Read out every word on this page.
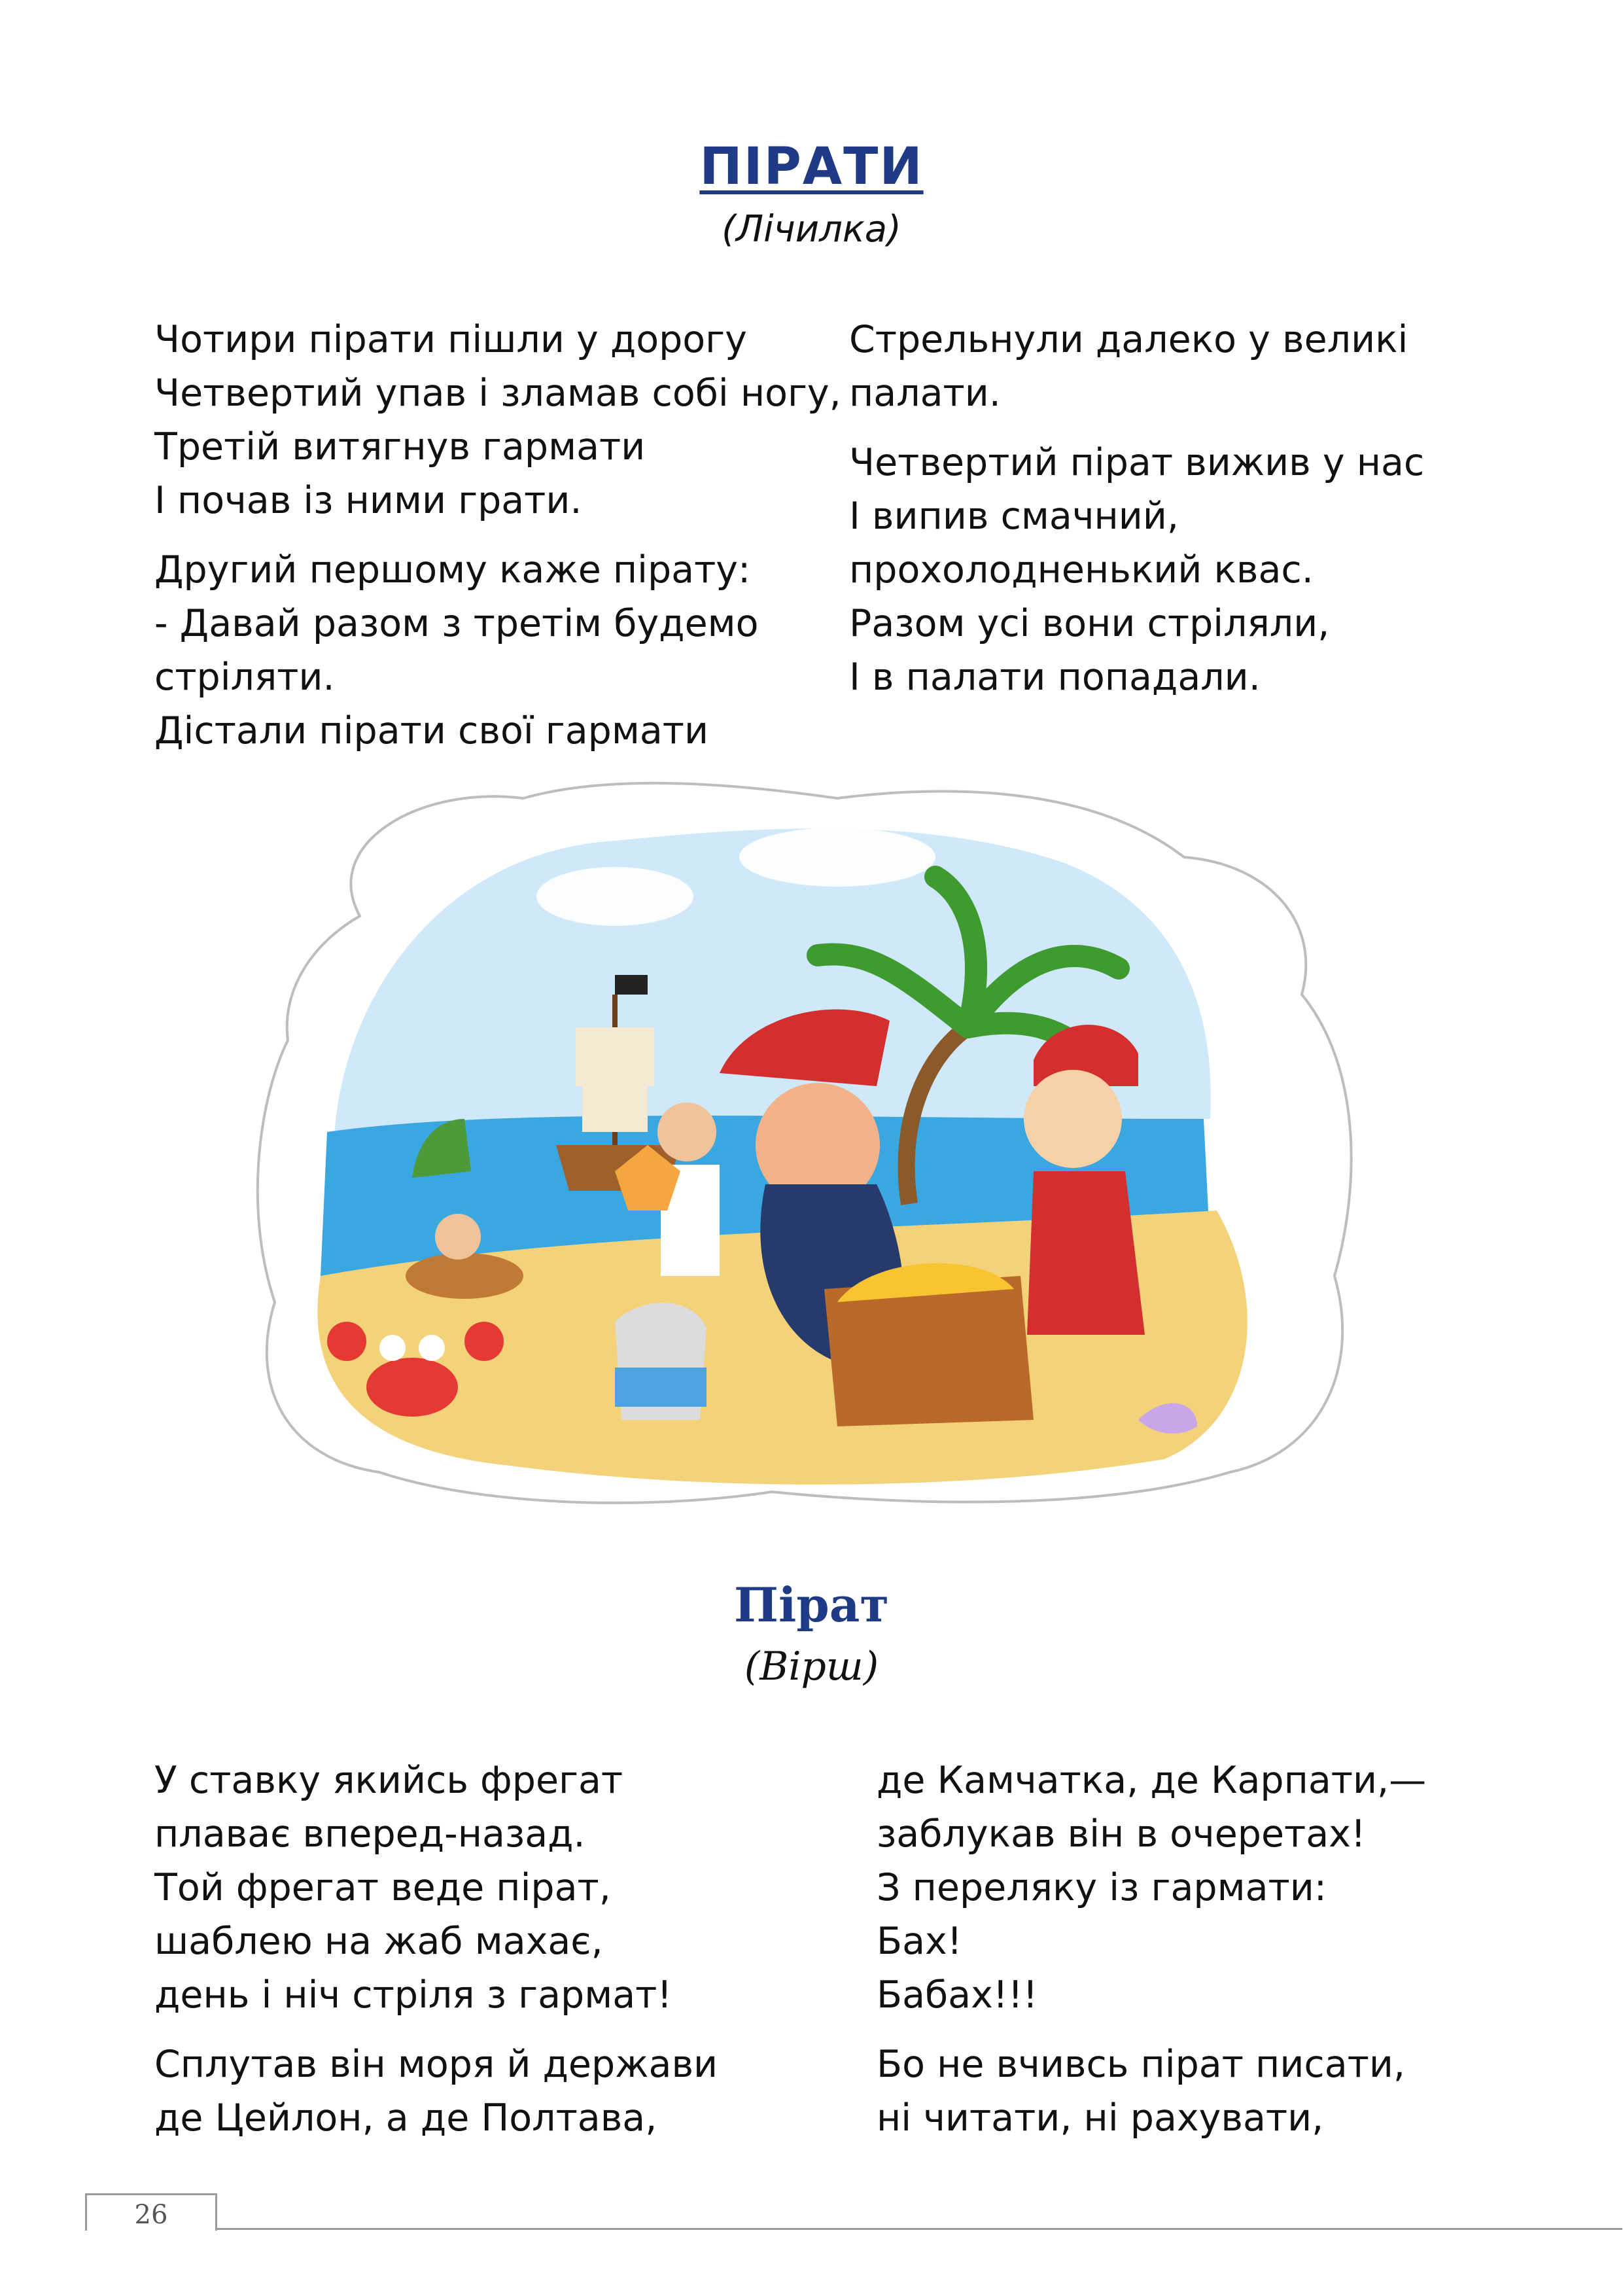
ПІРАТИ
(Лічилка)

Чотири пірати пішли у дорогу
Четвертий упав і зламав собі ногу,
Третій витягнув гармати
І почав із ними грати.

Другий першому каже пірату:
- Давай разом з третім будемо
стріляти.
Дістали пірати свої гармати

Стрельнули далеко у великі
палати.

Четвертий пірат вижив у нас
І випив смачний,
прохолодненький квас.
Разом усі вони стріляли,
І в палати попадали.

Пірат
(Вірш)

У ставку якийсь фрегат
плаває вперед-назад.
Той фрегат веде пірат,
шаблею на жаб махає,
день і ніч стріля з гармат!

Сплутав він моря й держави
де Цейлон, а де Полтава,

де Камчатка, де Карпати,—
заблукав він в очеретах!
З переляку із гармати:
Бах!
Бабах!!!

Бо не вчивсь пірат писати,
ні читати, ні рахувати,

26
